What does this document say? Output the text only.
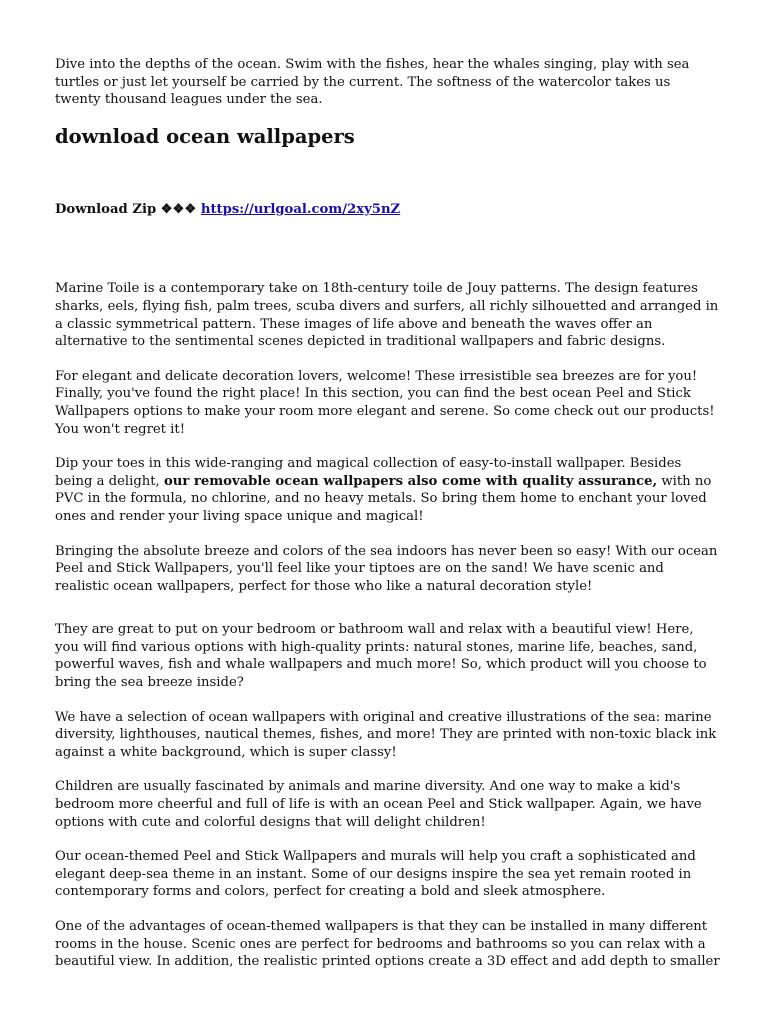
Dive into the depths of the ocean. Swim with the fishes, hear the whales singing, play with sea turtles or just let yourself be carried by the current. The softness of the watercolor takes us twenty thousand leagues under the sea.

download ocean wallpapers
Download Zip ❖❖❖ https://urlgoal.com/2xy5nZ

Marine Toile is a contemporary take on 18th-century toile de Jouy patterns. The design features sharks, eels, flying fish, palm trees, scuba divers and surfers, all richly silhouetted and arranged in a classic symmetrical pattern. These images of life above and beneath the waves offer an alternative to the sentimental scenes depicted in traditional wallpapers and fabric designs.

For elegant and delicate decoration lovers, welcome! These irresistible sea breezes are for you! Finally, you've found the right place! In this section, you can find the best ocean Peel and Stick Wallpapers options to make your room more elegant and serene. So come check out our products! You won't regret it!

Dip your toes in this wide-ranging and magical collection of easy-to-install wallpaper. Besides being a delight, our removable ocean wallpapers also come with quality assurance, with no PVC in the formula, no chlorine, and no heavy metals. So bring them home to enchant your loved ones and render your living space unique and magical!

Bringing the absolute breeze and colors of the sea indoors has never been so easy! With our ocean Peel and Stick Wallpapers, you'll feel like your tiptoes are on the sand! We have scenic and realistic ocean wallpapers, perfect for those who like a natural decoration style!

They are great to put on your bedroom or bathroom wall and relax with a beautiful view! Here, you will find various options with high-quality prints: natural stones, marine life, beaches, sand, powerful waves, fish and whale wallpapers and much more! So, which product will you choose to bring the sea breeze inside?

We have a selection of ocean wallpapers with original and creative illustrations of the sea: marine diversity, lighthouses, nautical themes, fishes, and more! They are printed with non-toxic black ink against a white background, which is super classy!

Children are usually fascinated by animals and marine diversity. And one way to make a kid's bedroom more cheerful and full of life is with an ocean Peel and Stick wallpaper. Again, we have options with cute and colorful designs that will delight children!

Our ocean-themed Peel and Stick Wallpapers and murals will help you craft a sophisticated and elegant deep-sea theme in an instant. Some of our designs inspire the sea yet remain rooted in contemporary forms and colors, perfect for creating a bold and sleek atmosphere.

One of the advantages of ocean-themed wallpapers is that they can be installed in many different rooms in the house. Scenic ones are perfect for bedrooms and bathrooms so you can relax with a beautiful view. In addition, the realistic printed options create a 3D effect and add depth to smaller
